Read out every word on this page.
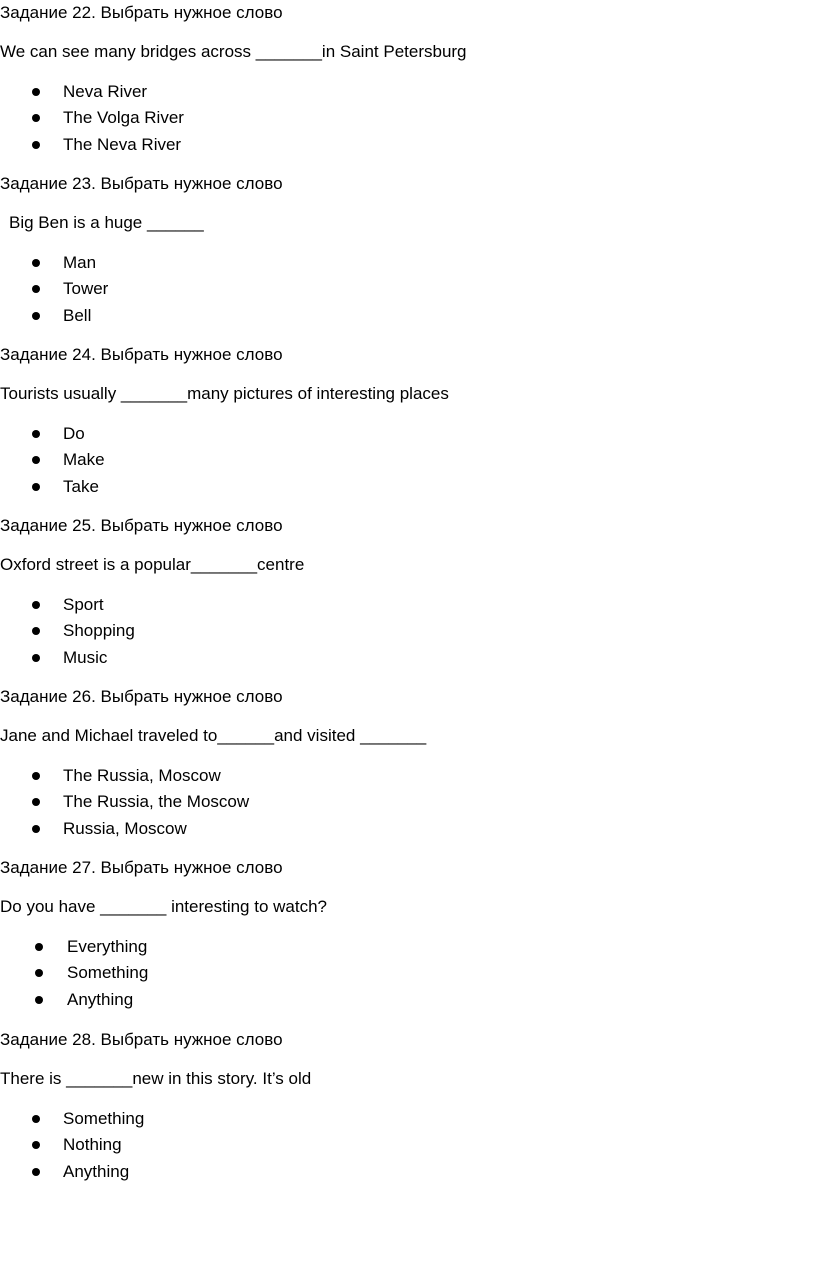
Задание 22. Выбрать нужное слово
We can see many bridges across _______in Saint Petersburg
Neva River
The Volga River
The Neva River
Задание 23. Выбрать нужное слово
Big Ben is a huge ______
Man
Tower
Bell
Задание 24. Выбрать нужное слово
Tourists usually _______many pictures of interesting places
Do
Make
Take
Задание 25. Выбрать нужное слово
Oxford street is a popular_______centre
Sport
Shopping
Music
Задание 26. Выбрать нужное слово
Jane and Michael traveled to______and visited _______
The Russia, Moscow
The Russia, the Moscow
Russia, Moscow
Задание 27. Выбрать нужное слово
Do you have _______ interesting to watch?
Everything
Something
Anything
Задание 28. Выбрать нужное слово
There is _______new in this story. It’s old
Something
Nothing
Anything
